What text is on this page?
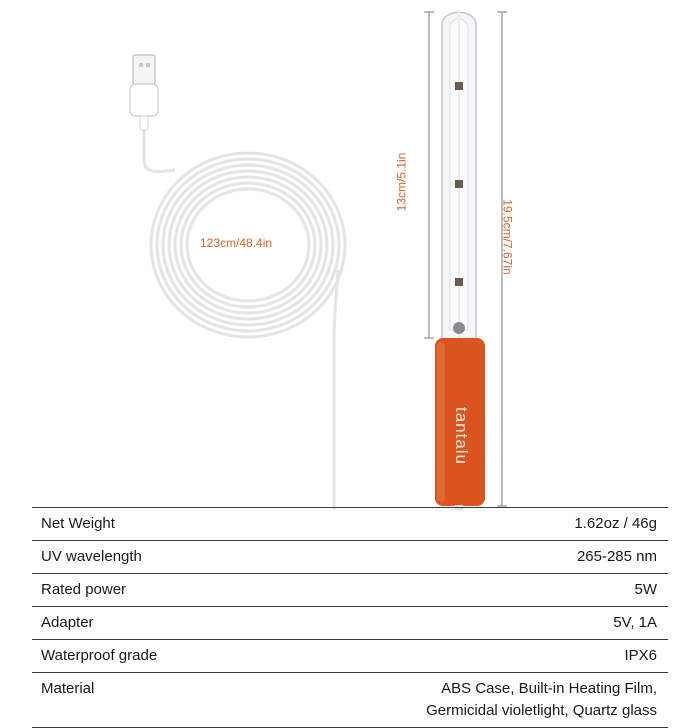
123cm/48.4in
13cm/5.1in
19.5cm/7.67in
tantalu
Net Weight	1.62oz / 46g
UV wavelength	265-285 nm
Rated power	5W
Adapter	5V, 1A
Waterproof grade	IPX6
Material	ABS Case, Built-in Heating Film,
Germicidal violetlight, Quartz glass
